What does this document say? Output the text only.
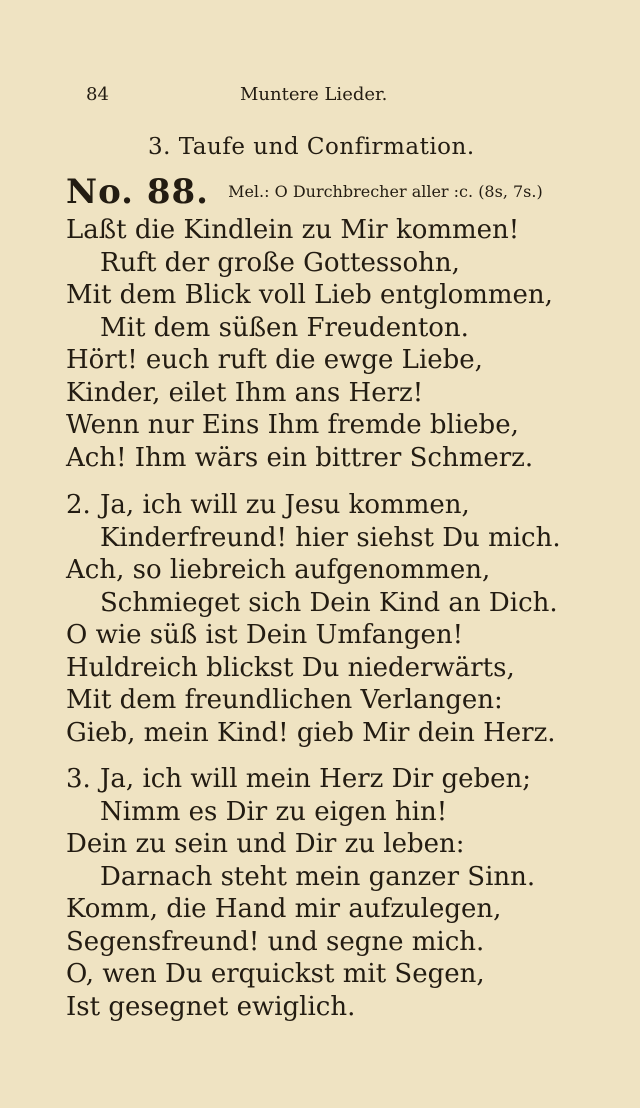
84	Muntere Lieder.
3. Taufe und Confirmation.
No. 88. Mel.: O Durchbrecher aller :c. (8s, 7s.)
Laßt die Kindlein zu Mir kommen!
Ruft der große Gottessohn,
Mit dem Blick voll Lieb entglommen,
Mit dem süßen Freudenton.
Hört! euch ruft die ewge Liebe,
Kinder, eilet Ihm ans Herz!
Wenn nur Eins Ihm fremde bliebe,
Ach! Ihm wärs ein bittrer Schmerz.
2. Ja, ich will zu Jesu kommen,
Kinderfreund! hier siehst Du mich.
Ach, so liebreich aufgenommen,
Schmieget sich Dein Kind an Dich.
O wie süß ist Dein Umfangen!
Huldreich blickst Du niederwärts,
Mit dem freundlichen Verlangen:
Gieb, mein Kind! gieb Mir dein Herz.
3. Ja, ich will mein Herz Dir geben;
Nimm es Dir zu eigen hin!
Dein zu sein und Dir zu leben:
Darnach steht mein ganzer Sinn.
Komm, die Hand mir aufzulegen,
Segensfreund! und segne mich.
O, wen Du erquickst mit Segen,
Ist gesegnet ewiglich.
